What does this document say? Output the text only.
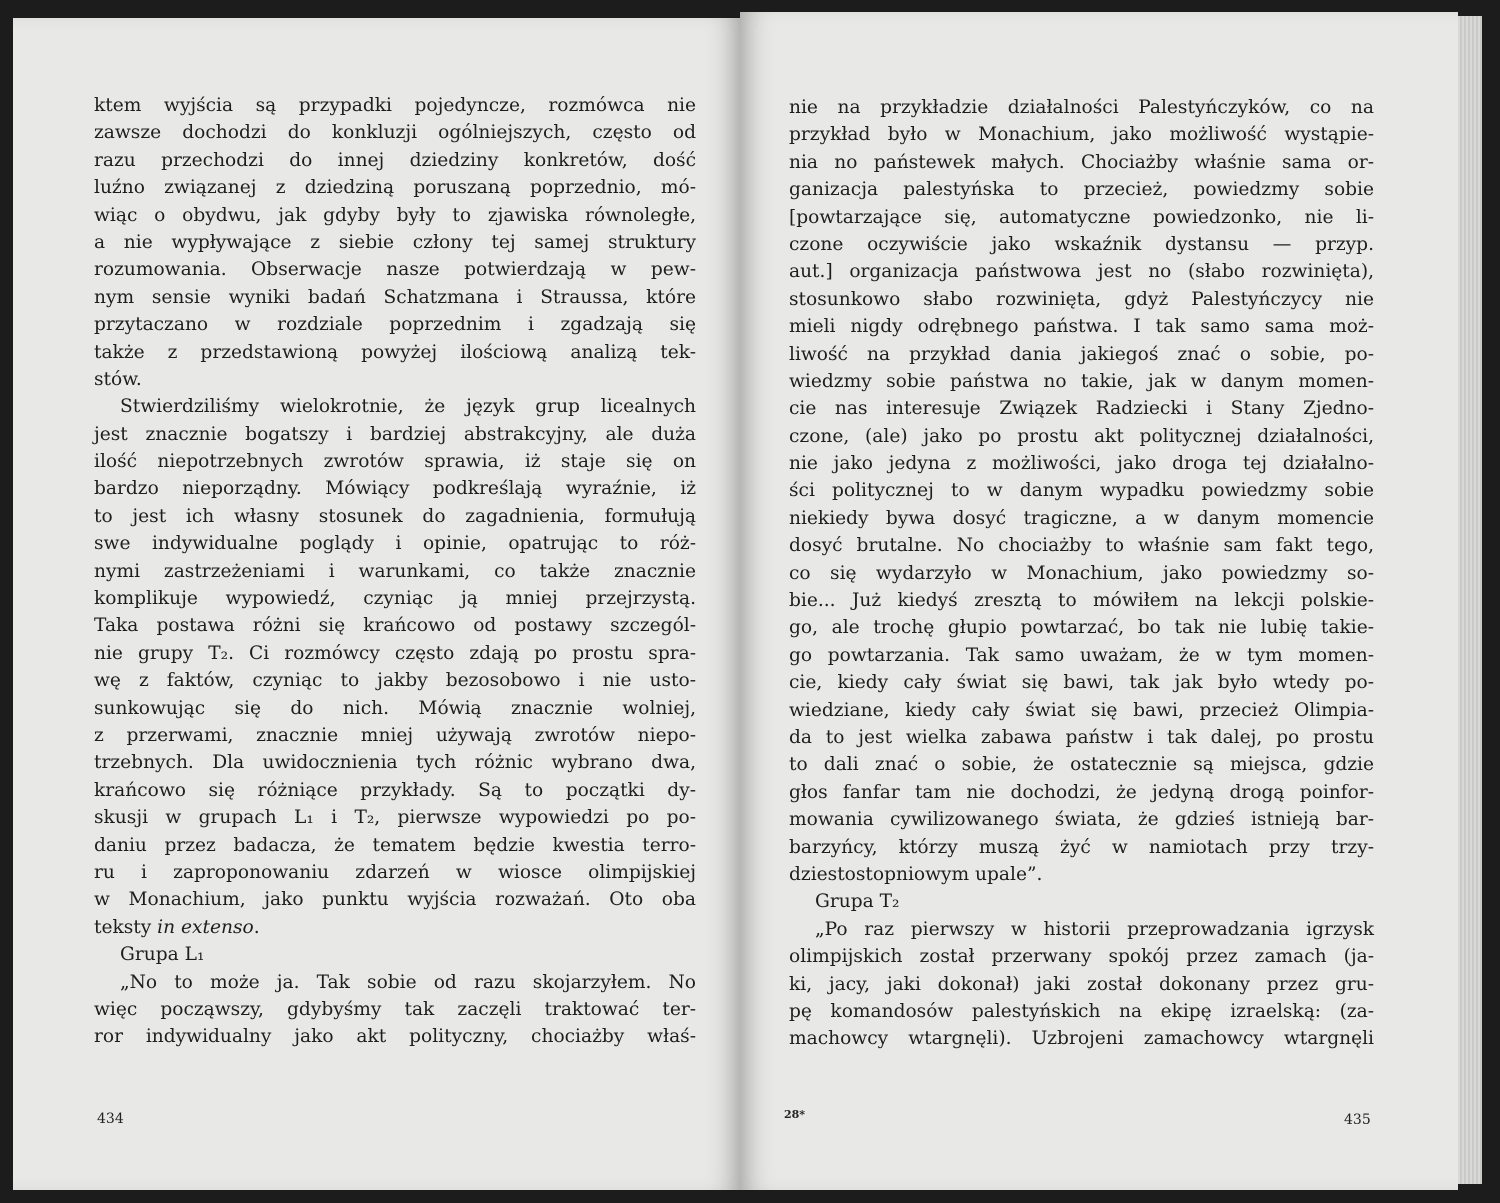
ktem wyjścia są przypadki pojedyncze, rozmówca nie
zawsze dochodzi do konkluzji ogólniejszych, często od
razu przechodzi do innej dziedziny konkretów, dość
luźno związanej z dziedziną poruszaną poprzednio, mó-
wiąc o obydwu, jak gdyby były to zjawiska równoległe,
a nie wypływające z siebie człony tej samej struktury
rozumowania. Obserwacje nasze potwierdzają w pew-
nym sensie wyniki badań Schatzmana i Straussa, które
przytaczano w rozdziale poprzednim i zgadzają się
także z przedstawioną powyżej ilościową analizą tek-
stów.
Stwierdziliśmy wielokrotnie, że język grup licealnych
jest znacznie bogatszy i bardziej abstrakcyjny, ale duża
ilość niepotrzebnych zwrotów sprawia, iż staje się on
bardzo nieporządny. Mówiący podkreślają wyraźnie, iż
to jest ich własny stosunek do zagadnienia, formułują
swe indywidualne poglądy i opinie, opatrując to róż-
nymi zastrzeżeniami i warunkami, co także znacznie
komplikuje wypowiedź, czyniąc ją mniej przejrzystą.
Taka postawa różni się krańcowo od postawy szczegól-
nie grupy T₂. Ci rozmówcy często zdają po prostu spra-
wę z faktów, czyniąc to jakby bezosobowo i nie usto-
sunkowując się do nich. Mówią znacznie wolniej,
z przerwami, znacznie mniej używają zwrotów niepo-
trzebnych. Dla uwidocznienia tych różnic wybrano dwa,
krańcowo się różniące przykłady. Są to początki dy-
skusji w grupach L₁ i T₂, pierwsze wypowiedzi po po-
daniu przez badacza, że tematem będzie kwestia terro-
ru i zaproponowaniu zdarzeń w wiosce olimpijskiej
w Monachium, jako punktu wyjścia rozważań. Oto oba
teksty in extenso.
Grupa L₁
„No to może ja. Tak sobie od razu skojarzyłem. No
więc począwszy, gdybyśmy tak zaczęli traktować ter-
ror indywidualny jako akt polityczny, chociażby właś-
434
nie na przykładzie działalności Palestyńczyków, co na
przykład było w Monachium, jako możliwość wystąpie-
nia no państewek małych. Chociażby właśnie sama or-
ganizacja palestyńska to przecież, powiedzmy sobie
[powtarzające się, automatyczne powiedzonko, nie li-
czone oczywiście jako wskaźnik dystansu — przyp.
aut.] organizacja państwowa jest no (słabo rozwinięta),
stosunkowo słabo rozwinięta, gdyż Palestyńczycy nie
mieli nigdy odrębnego państwa. I tak samo sama moż-
liwość na przykład dania jakiegoś znać o sobie, po-
wiedzmy sobie państwa no takie, jak w danym momen-
cie nas interesuje Związek Radziecki i Stany Zjedno-
czone, (ale) jako po prostu akt politycznej działalności,
nie jako jedyna z możliwości, jako droga tej działalno-
ści politycznej to w danym wypadku powiedzmy sobie
niekiedy bywa dosyć tragiczne, a w danym momencie
dosyć brutalne. No chociażby to właśnie sam fakt tego,
co się wydarzyło w Monachium, jako powiedzmy so-
bie... Już kiedyś zresztą to mówiłem na lekcji polskie-
go, ale trochę głupio powtarzać, bo tak nie lubię takie-
go powtarzania. Tak samo uważam, że w tym momen-
cie, kiedy cały świat się bawi, tak jak było wtedy po-
wiedziane, kiedy cały świat się bawi, przecież Olimpia-
da to jest wielka zabawa państw i tak dalej, po prostu
to dali znać o sobie, że ostatecznie są miejsca, gdzie
głos fanfar tam nie dochodzi, że jedyną drogą poinfor-
mowania cywilizowanego świata, że gdzieś istnieją bar-
barzyńcy, którzy muszą żyć w namiotach przy trzy-
dziestostopniowym upale”.
Grupa T₂
„Po raz pierwszy w historii przeprowadzania igrzysk
olimpijskich został przerwany spokój przez zamach (ja-
ki, jacy, jaki dokonał) jaki został dokonany przez gru-
pę komandosów palestyńskich na ekipę izraelską: (za-
machowcy wtargnęli). Uzbrojeni zamachowcy wtargnęli
28*	435
